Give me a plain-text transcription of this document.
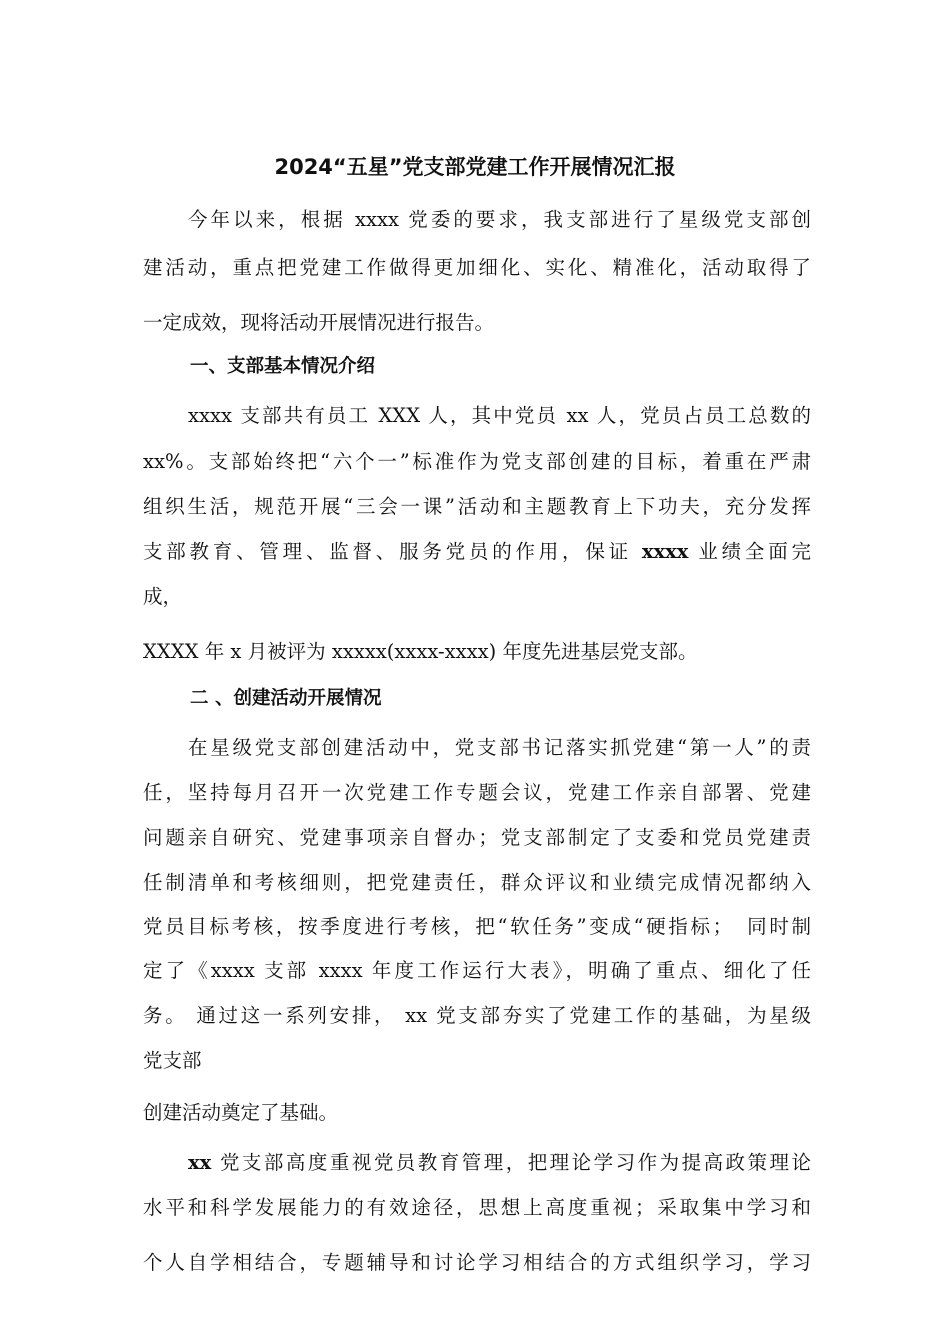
2024“五星”党支部党建工作开展情况汇报
今年以来，根据 xxxx 党委的要求，我支部进行了星级党支部创
建活动，重点把党建工作做得更加细化、实化、精准化，活动取得了
一定成效，现将活动开展情况进行报告。
一、支部基本情况介绍
xxxx 支部共有员工 XXX 人，其中党员 xx 人，党员占员工总数的
xx%。支部始终把“六个一”标准作为党支部创建的目标，着重在严肃
组织生活，规范开展“三会一课”活动和主题教育上下功夫，充分发挥
支部教育、管理、监督、服务党员的作用，保证 xxxx 业绩全面完
成，
XXXX 年 x 月被评为 xxxxx(xxxx-xxxx) 年度先进基层党支部。
二 、创建活动开展情况
在星级党支部创建活动中，党支部书记落实抓党建“第一人”的责
任，坚持每月召开一次党建工作专题会议，党建工作亲自部署、党建
问题亲自研究、党建事项亲自督办；党支部制定了支委和党员党建责
任制清单和考核细则，把党建责任，群众评议和业绩完成情况都纳入
党员目标考核，按季度进行考核，把“软任务”变成“硬指标；　同时制
定了《xxxx 支部 xxxx 年度工作运行大表》，明确了重点、细化了任
务。 通过这一系列安排， xx 党支部夯实了党建工作的基础，为星级
党支部
创建活动奠定了基础。
xx 党支部高度重视党员教育管理，把理论学习作为提高政策理论
水平和科学发展能力的有效途径，思想上高度重视；采取集中学习和
个人自学相结合，专题辅导和讨论学习相结合的方式组织学习，学习
